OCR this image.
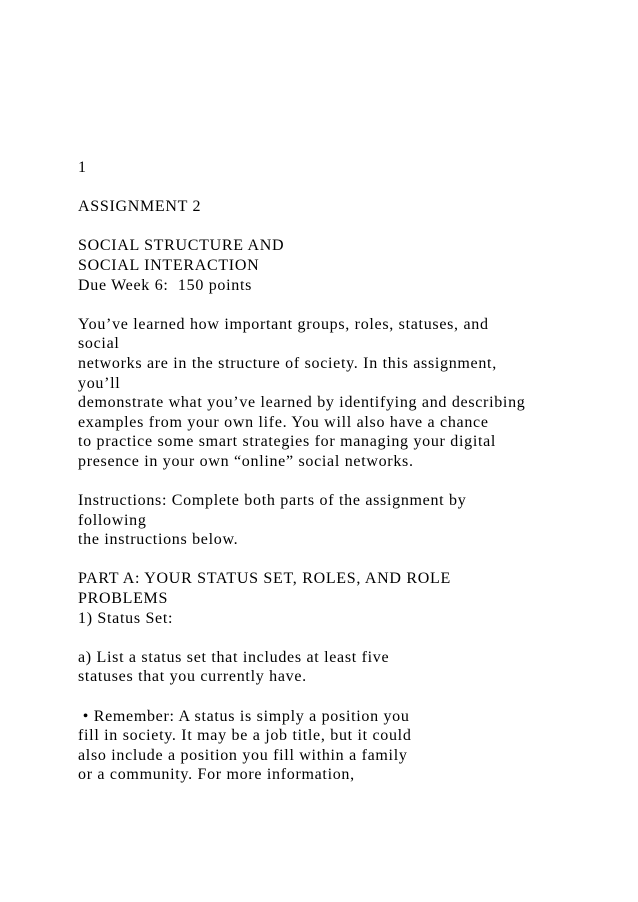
1
ASSIGNMENT 2
SOCIAL STRUCTURE AND
SOCIAL INTERACTION
Due Week 6:  150 points
You’ve learned how important groups, roles, statuses, and
social
networks are in the structure of society. In this assignment,
you’ll
demonstrate what you’ve learned by identifying and describing
examples from your own life. You will also have a chance
to practice some smart strategies for managing your digital
presence in your own “online” social networks.
Instructions: Complete both parts of the assignment by
following
the instructions below.
PART A: YOUR STATUS SET, ROLES, AND ROLE
PROBLEMS
1) Status Set:
a) List a status set that includes at least five
statuses that you currently have.
• Remember: A status is simply a position you
fill in society. It may be a job title, but it could
also include a position you fill within a family
or a community. For more information,
